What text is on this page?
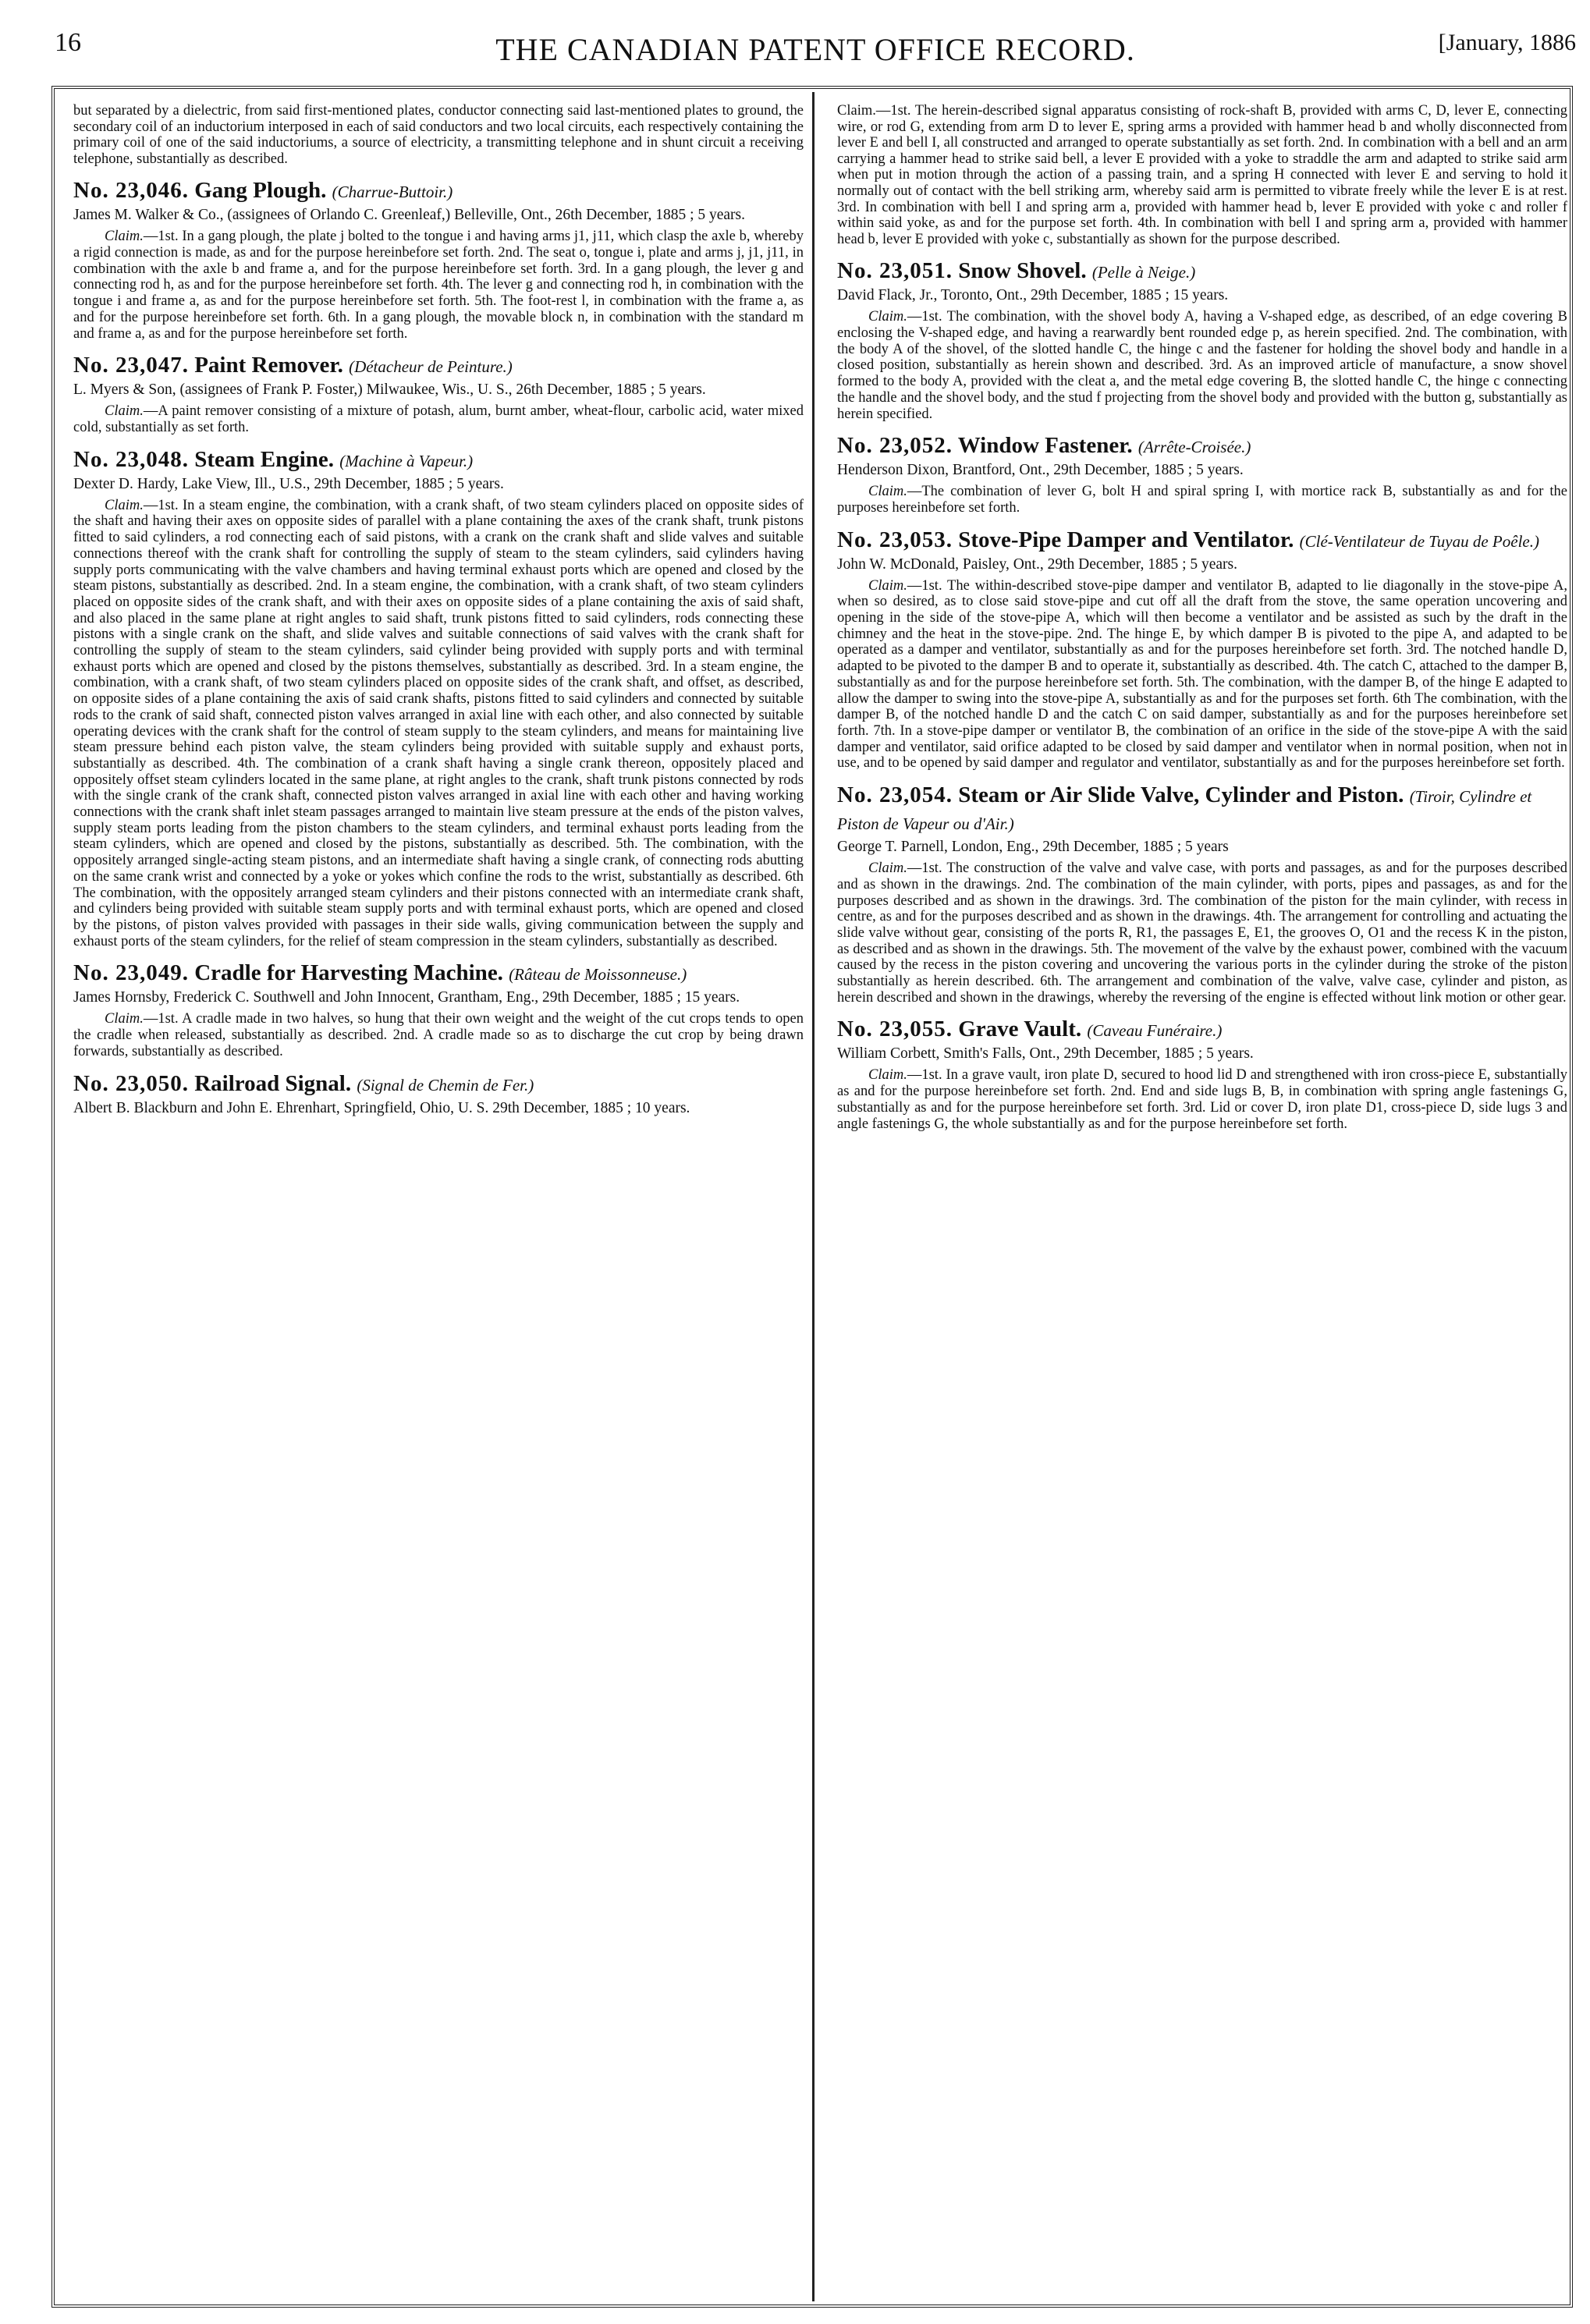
16	THE CANADIAN PATENT OFFICE RECORD.	[January, 1886

but separated by a dielectric, from said first-mentioned plates, conductor connecting said last-mentioned plates to ground, the secondary coil of an inductorium interposed in each of said conductors and two local circuits, each respectively containing the primary coil of one of the said inductoriums, a source of electricity, a transmitting telephone and in shunt circuit a receiving telephone, substantially as described.

No. 23,046. Gang Plough. (Charrue-Buttoir.)

James M. Walker & Co., (assignees of Orlando C. Greenleaf,) Belleville, Ont., 26th December, 1885 ; 5 years.

Claim.—1st. In a gang plough, the plate j bolted to the tongue i and having arms j1, j11, which clasp the axle b, whereby a rigid connection is made, as and for the purpose hereinbefore set forth. 2nd. The seat o, tongue i, plate and arms j, j1, j11, in combination with the axle b and frame a, and for the purpose hereinbefore set forth. 3rd. In a gang plough, the lever g and connecting rod h, as and for the purpose hereinbefore set forth. 4th. The lever g and connecting rod h, in combination with the tongue i and frame a, as and for the purpose hereinbefore set forth. 5th. The foot-rest l, in combination with the frame a, as and for the purpose hereinbefore set forth. 6th. In a gang plough, the movable block n, in combination with the standard m and frame a, as and for the purpose hereinbefore set forth.

No. 23,047. Paint Remover. (Détacheur de Peinture.)

L. Myers & Son, (assignees of Frank P. Foster,) Milwaukee, Wis., U. S., 26th December, 1885 ; 5 years.

Claim.—A paint remover consisting of a mixture of potash, alum, burnt amber, wheat-flour, carbolic acid, water mixed cold, substantially as set forth.

No. 23,048. Steam Engine. (Machine à Vapeur.)

Dexter D. Hardy, Lake View, Ill., U.S., 29th December, 1885 ; 5 years.

Claim.—1st. In a steam engine, the combination, with a crank shaft, of two steam cylinders placed on opposite sides of the shaft and having their axes on opposite sides of parallel with a plane containing the axes of the crank shaft, trunk pistons fitted to said cylinders, a rod connecting each of said pistons, with a crank on the crank shaft and slide valves and suitable connections thereof with the crank shaft for controlling the supply of steam to the steam cylinders, said cylinders having supply ports communicating with the valve chambers and having terminal exhaust ports which are opened and closed by the steam pistons, substantially as described. 2nd. In a steam engine, the combination, with a crank shaft, of two steam cylinders placed on opposite sides of the crank shaft, and with their axes on opposite sides of a plane containing the axis of said shaft, and also placed in the same plane at right angles to said shaft, trunk pistons fitted to said cylinders, rods connecting these pistons with a single crank on the shaft, and slide valves and suitable connections of said valves with the crank shaft for controlling the supply of steam to the steam cylinders, said cylinder being provided with supply ports and with terminal exhaust ports which are opened and closed by the pistons themselves, substantially as described. 3rd. In a steam engine, the combination, with a crank shaft, of two steam cylinders placed on opposite sides of the crank shaft, and offset, as described, on opposite sides of a plane containing the axis of said crank shafts, pistons fitted to said cylinders and connected by suitable rods to the crank of said shaft, connected piston valves arranged in axial line with each other, and also connected by suitable operating devices with the crank shaft for the control of steam supply to the steam cylinders, and means for maintaining live steam pressure behind each piston valve, the steam cylinders being provided with suitable supply and exhaust ports, substantially as described. 4th. The combination of a crank shaft having a single crank thereon, oppositely placed and oppositely offset steam cylinders located in the same plane, at right angles to the crank, shaft trunk pistons connected by rods with the single crank of the crank shaft, connected piston valves arranged in axial line with each other and having working connections with the crank shaft inlet steam passages arranged to maintain live steam pressure at the ends of the piston valves, supply steam ports leading from the piston chambers to the steam cylinders, and terminal exhaust ports leading from the steam cylinders, which are opened and closed by the pistons, substantially as described. 5th. The combination, with the oppositely arranged single-acting steam pistons, and an intermediate shaft having a single crank, of connecting rods abutting on the same crank wrist and connected by a yoke or yokes which confine the rods to the wrist, substantially as described. 6th The combination, with the oppositely arranged steam cylinders and their pistons connected with an intermediate crank shaft, and cylinders being provided with suitable steam supply ports and with terminal exhaust ports, which are opened and closed by the pistons, of piston valves provided with passages in their side walls, giving communication between the supply and exhaust ports of the steam cylinders, for the relief of steam compression in the steam cylinders, substantially as described.

No. 23,049. Cradle for Harvesting Machine. (Râteau de Moissonneuse.)

James Hornsby, Frederick C. Southwell and John Innocent, Grantham, Eng., 29th December, 1885 ; 15 years.

Claim.—1st. A cradle made in two halves, so hung that their own weight and the weight of the cut crops tends to open the cradle when released, substantially as described. 2nd. A cradle made so as to discharge the cut crop by being drawn forwards, substantially as described.

No. 23,050. Railroad Signal. (Signal de Chemin de Fer.)

Albert B. Blackburn and John E. Ehrenhart, Springfield, Ohio, U. S. 29th December, 1885 ; 10 years.

Claim.—1st. The herein-described signal apparatus consisting of rock-shaft B, provided with arms C, D, lever E, connecting wire, or rod G, extending from arm D to lever E, spring arms a provided with hammer head b and wholly disconnected from lever E and bell I, all constructed and arranged to operate substantially as set forth. 2nd. In combination with a bell and an arm carrying a hammer head to strike said bell, a lever E provided with a yoke to straddle the arm and adapted to strike said arm when put in motion through the action of a passing train, and a spring H connected with lever E and serving to hold it normally out of contact with the bell striking arm, whereby said arm is permitted to vibrate freely while the lever E is at rest. 3rd. In combination with bell I and spring arm a, provided with hammer head b, lever E provided with yoke c and roller f within said yoke, as and for the purpose set forth. 4th. In combination with bell I and spring arm a, provided with hammer head b, lever E provided with yoke c, substantially as shown for the purpose described.

No. 23,051. Snow Shovel. (Pelle à Neige.)

David Flack, Jr., Toronto, Ont., 29th December, 1885 ; 15 years.

Claim.—1st. The combination, with the shovel body A, having a V-shaped edge, as described, of an edge covering B enclosing the V-shaped edge, and having a rearwardly bent rounded edge p, as herein specified. 2nd. The combination, with the body A of the shovel, of the slotted handle C, the hinge c and the fastener for holding the shovel body and handle in a closed position, substantially as herein shown and described. 3rd. As an improved article of manufacture, a snow shovel formed to the body A, provided with the cleat a, and the metal edge covering B, the slotted handle C, the hinge c connecting the handle and the shovel body, and the stud f projecting from the shovel body and provided with the button g, substantially as herein specified.

No. 23,052. Window Fastener. (Arrête-Croisée.)

Henderson Dixon, Brantford, Ont., 29th December, 1885 ; 5 years.

Claim.—The combination of lever G, bolt H and spiral spring I, with mortice rack B, substantially as and for the purposes hereinbefore set forth.

No. 23,053. Stove-Pipe Damper and Ventilator. (Clé-Ventilateur de Tuyau de Poêle.)

John W. McDonald, Paisley, Ont., 29th December, 1885 ; 5 years.

Claim.—1st. The within-described stove-pipe damper and ventilator B, adapted to lie diagonally in the stove-pipe A, when so desired, as to close said stove-pipe and cut off all the draft from the stove, the same operation uncovering and opening in the side of the stove-pipe A, which will then become a ventilator and be assisted as such by the draft in the chimney and the heat in the stove-pipe. 2nd. The hinge E, by which damper B is pivoted to the pipe A, and adapted to be operated as a damper and ventilator, substantially as and for the purposes hereinbefore set forth. 3rd. The notched handle D, adapted to be pivoted to the damper B and to operate it, substantially as described. 4th. The catch C, attached to the damper B, substantially as and for the purpose hereinbefore set forth. 5th. The combination, with the damper B, of the hinge E adapted to allow the damper to swing into the stove-pipe A, substantially as and for the purposes set forth. 6th The combination, with the damper B, of the notched handle D and the catch C on said damper, substantially as and for the purposes hereinbefore set forth. 7th. In a stove-pipe damper or ventilator B, the combination of an orifice in the side of the stove-pipe A with the said damper and ventilator, said orifice adapted to be closed by said damper and ventilator when in normal position, when not in use, and to be opened by said damper and regulator and ventilator, substantially as and for the purposes hereinbefore set forth.

No. 23,054. Steam or Air Slide Valve, Cylinder and Piston. (Tiroir, Cylindre et Piston de Vapeur ou d'Air.)

George T. Parnell, London, Eng., 29th December, 1885 ; 5 years

Claim.—1st. The construction of the valve and valve case, with ports and passages, as and for the purposes described and as shown in the drawings. 2nd. The combination of the main cylinder, with ports, pipes and passages, as and for the purposes described and as shown in the drawings. 3rd. The combination of the piston for the main cylinder, with recess in centre, as and for the purposes described and as shown in the drawings. 4th. The arrangement for controlling and actuating the slide valve without gear, consisting of the ports R, R1, the passages E, E1, the grooves O, O1 and the recess K in the piston, as described and as shown in the drawings. 5th. The movement of the valve by the exhaust power, combined with the vacuum caused by the recess in the piston covering and uncovering the various ports in the cylinder during the stroke of the piston substantially as herein described. 6th. The arrangement and combination of the valve, valve case, cylinder and piston, as herein described and shown in the drawings, whereby the reversing of the engine is effected without link motion or other gear.

No. 23,055. Grave Vault. (Caveau Funéraire.)

William Corbett, Smith's Falls, Ont., 29th December, 1885 ; 5 years.

Claim.—1st. In a grave vault, iron plate D, secured to hood lid D and strengthened with iron cross-piece E, substantially as and for the purpose hereinbefore set forth. 2nd. End and side lugs B, B, in combination with spring angle fastenings G, substantially as and for the purpose hereinbefore set forth. 3rd. Lid or cover D, iron plate D1, cross-piece D, side lugs 3 and angle fastenings G, the whole substantially as and for the purpose hereinbefore set forth.
